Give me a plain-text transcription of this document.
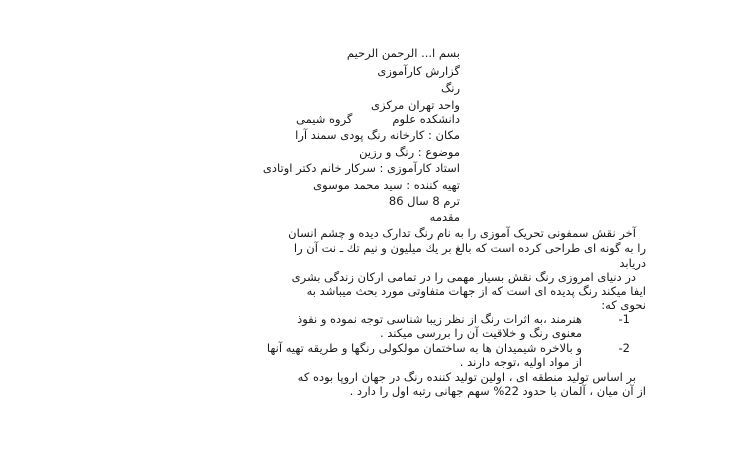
بسم ا... الرحمن الرحيم
گزارش کارآموزی
رنگ
واحد تهران مرکزی
دانشکده علومگروه شیمی
مکان : کارخانه رنگ پودی سمند آرا
موضوع : رنگ و رزین
استاد کارآموزی : سرکار خانم دکتر اوتادی
تهیه کننده : سید محمد موسوی
ترم 8 سال 86
مقدمه
آخر نقش سمفونی تحریک آموزی را به نام رنگ تدارک دیده و چشم انسان
را به گونه ای طراحی کرده است که بالغ بر یك میلیون و نیم تك ـ نت آن را
دریابد
در دنیای امروزی رنگ نقش بسیار مهمی را در تمامی ارکان زندگی بشری
ایفا میکند رنگ پدیده ای است که از جهات متفاوتی مورد بحث میباشد به
نحوی که:
-1
هنرمند ،به اثرات رنگ از نظر زیبا شناسی توجه نموده و نفوذ
معنوی رنگ و خلاقیت آن را بررسی میکند .
-2
و بالاخره شیمیدان ها به ساختمان مولکولی رنگها و طریقه تهیه آنها
از مواد اولیه ،توجه دارند .
بر اساس تولید منطقه ای ، اولین تولید کننده رنگ در جهان اروپا بوده که
از آن میان ، آلمان با حدود 22% سهم جهانی رتبه اول را دارد .
